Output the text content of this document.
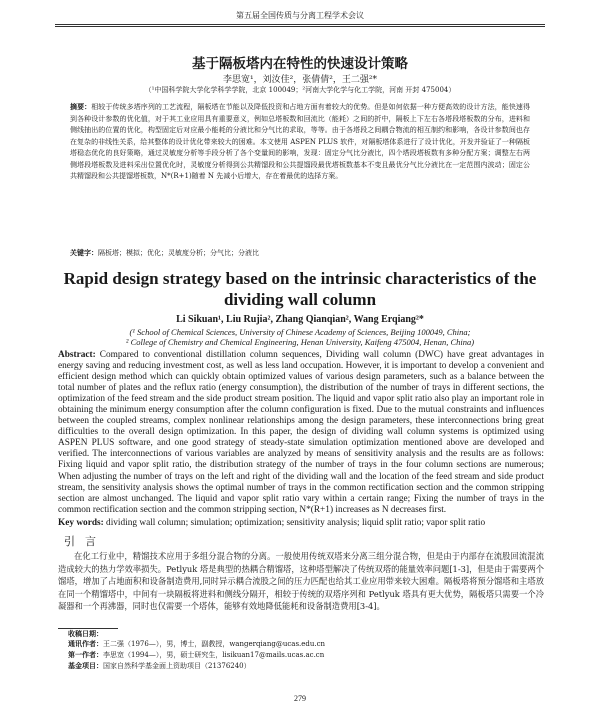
第五届全国传质与分离工程学术会议
基于隔板塔内在特性的快速设计策略
李思宽¹，刘汝佳²，张倩倩²，王二强²*
（¹中国科学院大学化学科学学院，北京 100049；²河南大学化学与化工学院，河南 开封 475004）
摘要：相较于传统多塔序列的工艺流程，隔板塔在节能以及降低投资和占地方面有着较大的优势。但是如何依据一种方便高效的设计方法，能快速得到各种设计参数的优化值，对于其工业应用具有重要意义，例如总塔板数和回流比（能耗）之间的折中，隔板上下左右各塔段塔板数的分布，进料和侧线抽出的位置的优化，构型固定后对应最小能耗的分液比和分气比的求取，等等。由于各塔段之间耦合物流的相互制约和影响，各设计参数间也存在复杂的非线性关系，给其整体的设计优化带来较大的困难。本文使用 ASPEN PLUS 软件，对隔板塔体系进行了设计优化，开发并验证了一种隔板塔稳态优化的良好策略，通过灵敏度分析等手段分析了各个变量间的影响，发现：固定分气比分液比，四个塔段塔板数有多种分配方案；调整左右两侧塔段塔板数及进料采出位置优化时，灵敏度分析得到公共精馏段和公共提馏段最优塔板数基本不变且最优分气比分液比在一定范围内波动；固定公共精馏段和公共提馏塔板数，N*(R+1)随着 N 先减小后增大，存在着最优的选择方案。
关键字：隔板塔；模拟；优化；灵敏度分析；分气比；分液比
Rapid design strategy based on the intrinsic characteristics of the dividing wall column
Li Sikuan¹, Liu Rujia², Zhang Qianqian², Wang Erqiang²*
(¹ School of Chemical Sciences, University of Chinese Academy of Sciences, Beijing 100049, China;
² College of Chemistry and Chemical Engineering, Henan University, Kaifeng 475004, Henan, China)
Abstract: Compared to conventional distillation column sequences, Dividing wall column (DWC) have great advantages in energy saving and reducing investment cost, as well as less land occupation. However, it is important to develop a convenient and efficient design method which can quickly obtain optimized values of various design parameters, such as a balance between the total number of plates and the reflux ratio (energy consumption), the distribution of the number of trays in different sections, the optimization of the feed stream and the side product stream position. The liquid and vapor split ratio also play an important role in obtaining the minimum energy consumption after the column configuration is fixed. Due to the mutual constraints and influences between the coupled streams, complex nonlinear relationships among the design parameters, these interconnections bring great difficulties to the overall design optimization. In this paper, the design of dividing wall column systems is optimized using ASPEN PLUS software, and one good strategy of steady-state simulation optimization mentioned above are developed and verified. The interconnections of various variables are analyzed by means of sensitivity analysis and the results are as follows: Fixing liquid and vapor split ratio, the distribution strategy of the number of trays in the four column sections are numerous; When adjusting the number of trays on the left and right of the dividing wall and the location of the feed stream and side product stream, the sensitivity analysis shows the optimal number of trays in the common rectification section and the common stripping section are almost unchanged. The liquid and vapor split ratio vary within a certain range; Fixing the number of trays in the common rectification section and the common stripping section, N*(R+1) increases as N decreases first.
Key words: dividing wall column; simulation; optimization; sensitivity analysis; liquid split ratio; vapor split ratio
引言
在化工行业中，精馏技术应用于多组分混合物的分离。一般使用传统双塔来分离三组分混合物，但是由于内部存在流股回流混流造成较大的热力学效率损失。Petlyuk 塔是典型的热耦合精馏塔，这种塔型解决了传统双塔的能量效率问题[1-3]，但是由于需要两个馏塔，增加了占地面积和设备制造费用,同时异示耦合流股之间的压力匹配也给其工业应用带来较大困难。隔板塔将预分馏塔和主塔放在同一个精馏塔中，中间有一块隔板将进料和侧线分隔开，相较于传统的双塔序列和 Petlyuk 塔具有更大优势，隔板塔只需要一个冷凝器和一个再沸器，同时也仅需要一个塔体，能够有效地降低能耗和设备制造费用[3-4]。
收稿日期：
通讯作者：王二强（1976—），男，博士，副教授，wangerqiang@ucas.edu.cn
第一作者：李思宽（1994—），男，硕士研究生，lisikuan17@mails.ucas.ac.cn
基金项目：国家自然科学基金面上资助项目（21376240）
279
